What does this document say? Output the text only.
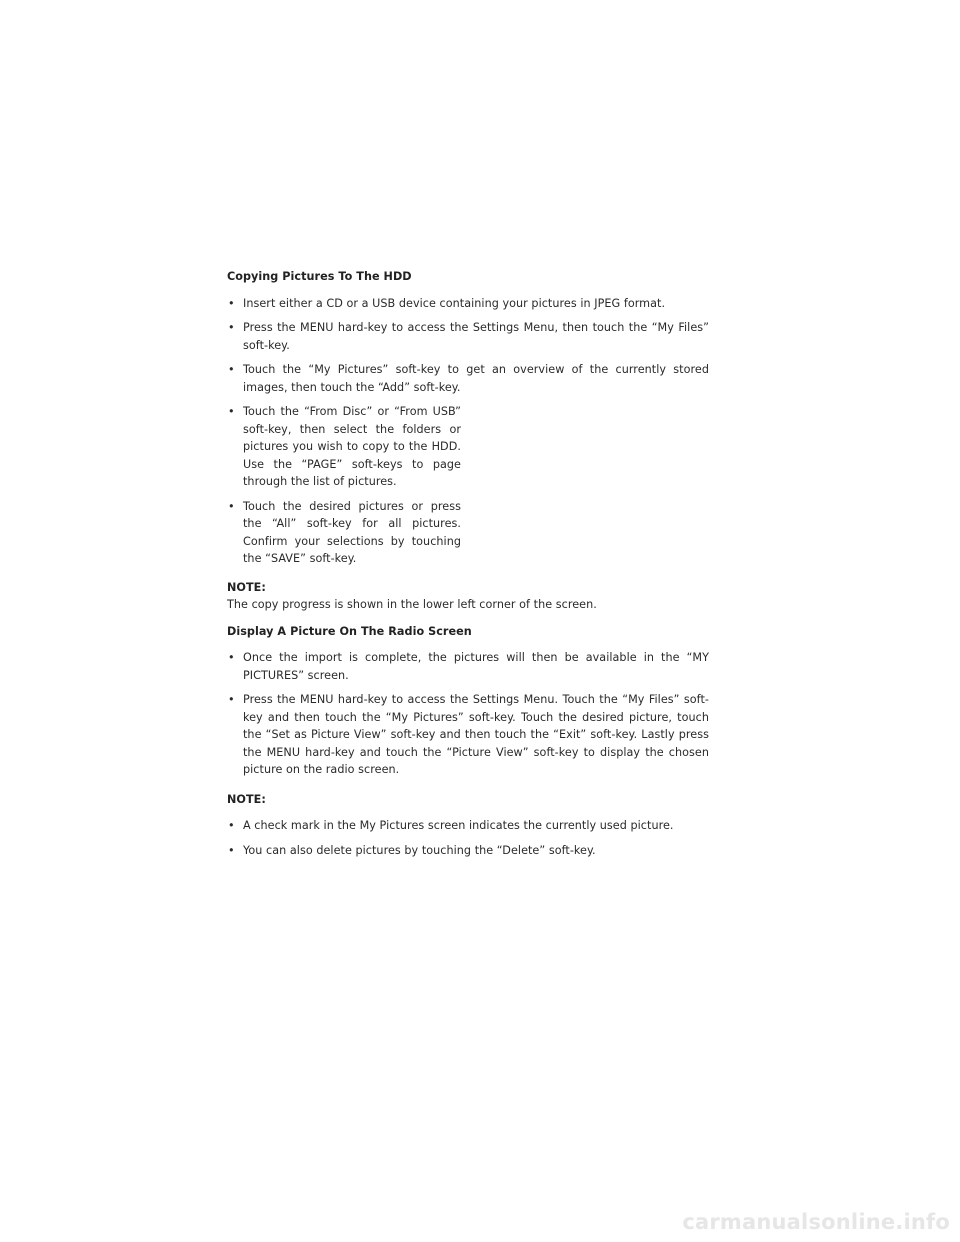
Copying Pictures To The HDD
• Insert either a CD or a USB device containing your pictures in JPEG format.
• Press the MENU hard-key to access the Settings Menu, then touch the “My Files” soft-key.
• Touch the “My Pictures” soft-key to get an overview of the currently stored images, then touch the “Add” soft-key.
• Touch the “From Disc” or “From USB” soft-key, then select the folders or pictures you wish to copy to the HDD. Use the “PAGE” soft-keys to page through the list of pictures.
• Touch the desired pictures or press the “All” soft-key for all pictures. Confirm your selections by touching the “SAVE” soft-key.
NOTE:
The copy progress is shown in the lower left corner of the screen.
Display A Picture On The Radio Screen
• Once the import is complete, the pictures will then be available in the “MY PICTURES” screen.
• Press the MENU hard-key to access the Settings Menu. Touch the “My Files” soft-key and then touch the “My Pictures” soft-key. Touch the desired picture, touch the “Set as Picture View” soft-key and then touch the “Exit” soft-key. Lastly press the MENU hard-key and touch the “Picture View” soft-key to display the chosen picture on the radio screen.
NOTE:
• A check mark in the My Pictures screen indicates the currently used picture.
• You can also delete pictures by touching the “Delete” soft-key.
carmanualsonline.info
